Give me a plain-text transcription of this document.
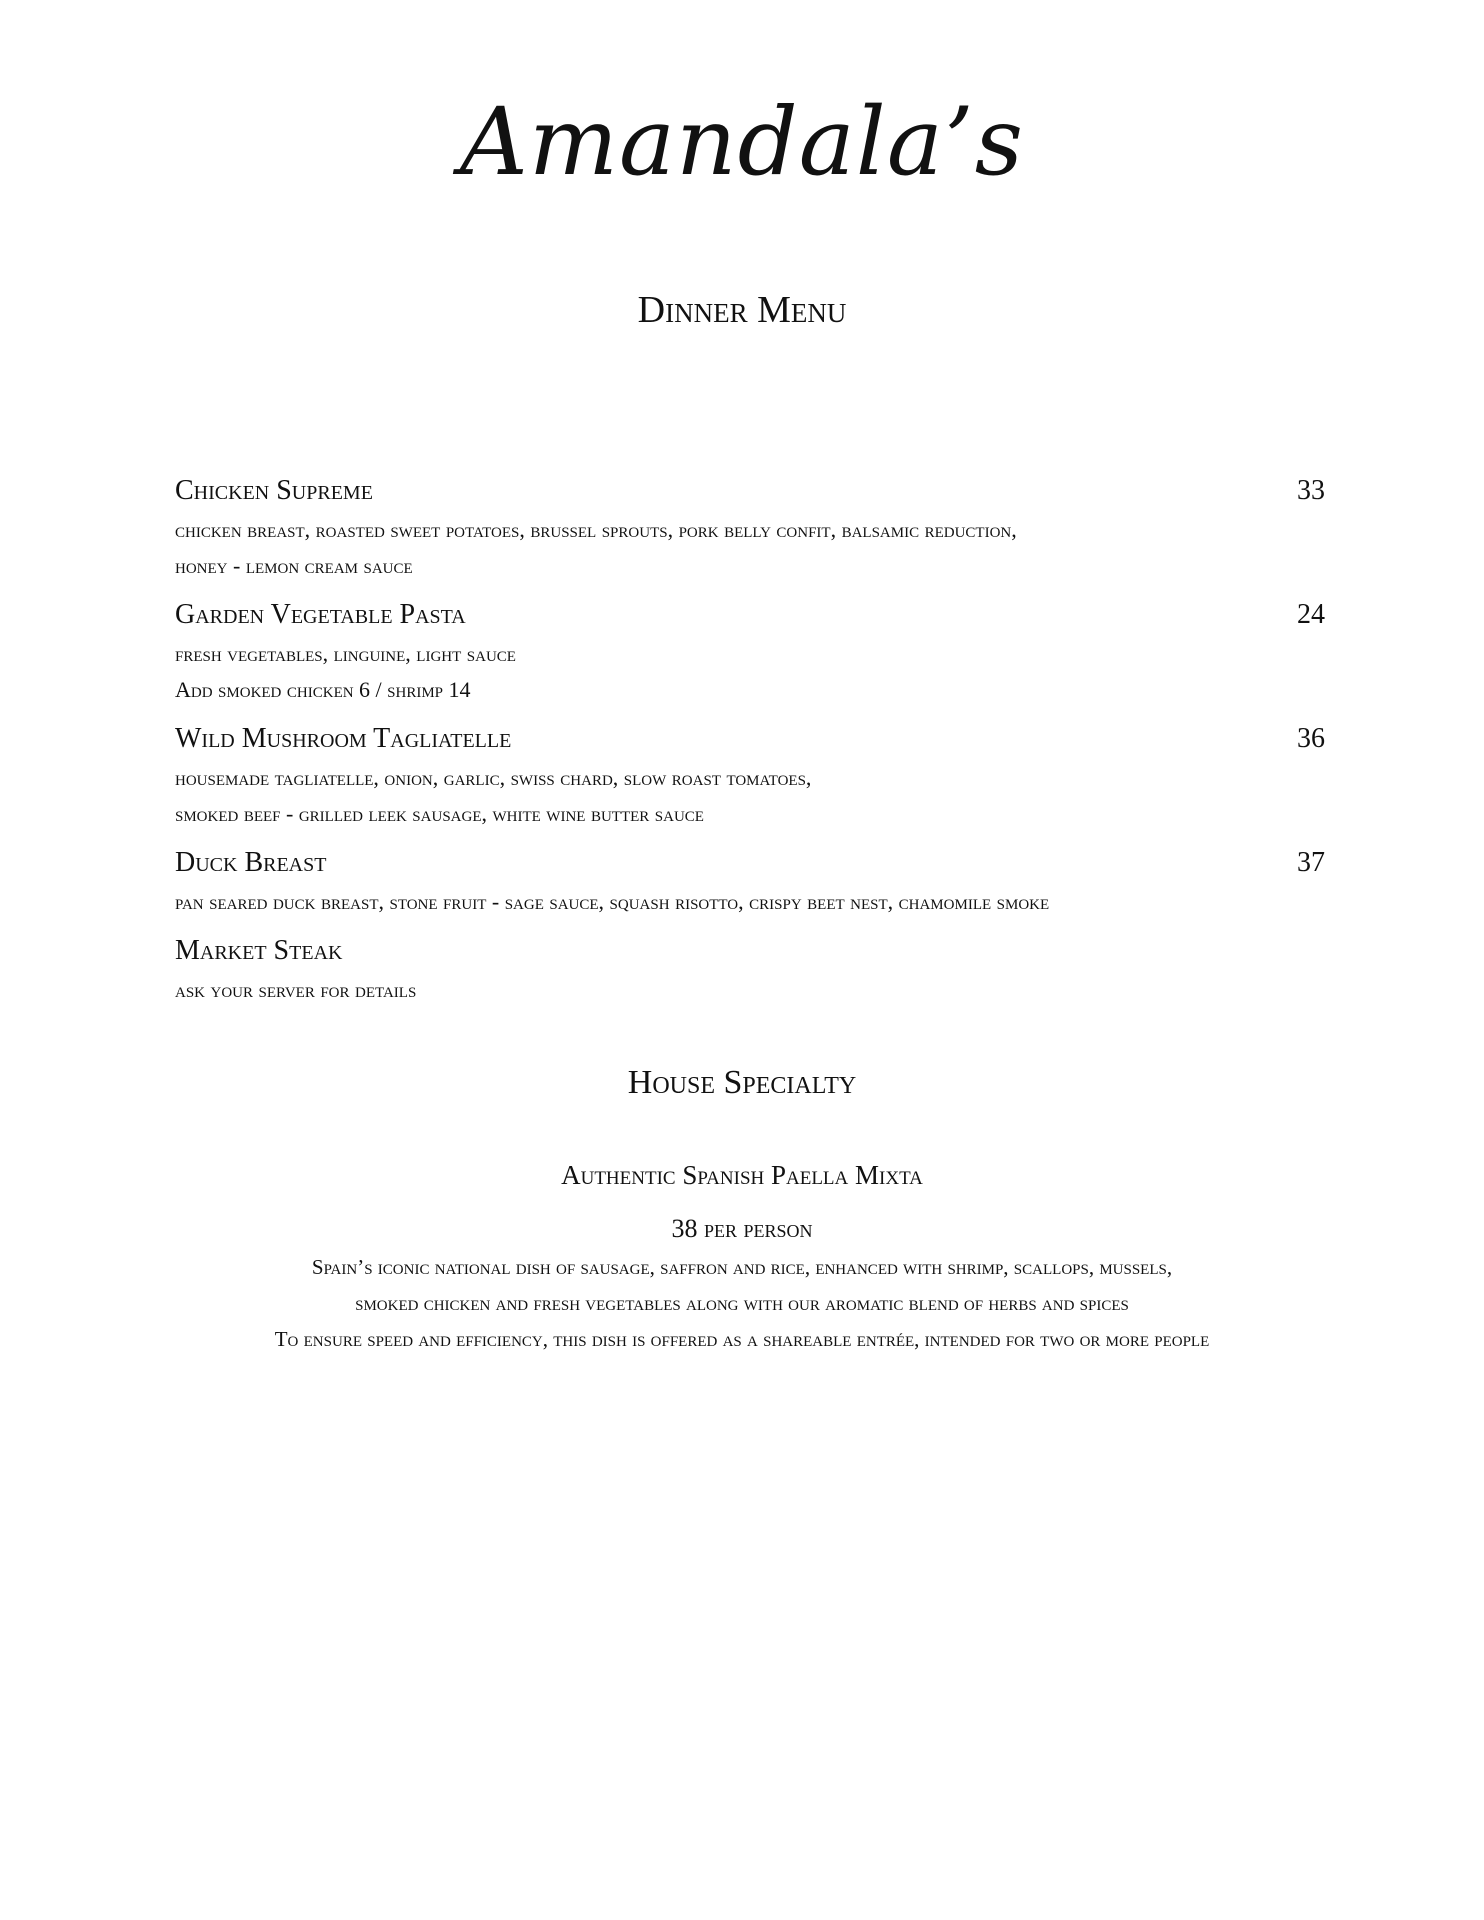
Amandala’s
Dinner Menu
Chicken Supreme	33
chicken breast, roasted sweet potatoes, brussel sprouts, pork belly confit, balsamic reduction,
honey - lemon cream sauce
Garden Vegetable Pasta	24
fresh vegetables, linguine, light sauce
Add smoked chicken 6 / shrimp 14
Wild Mushroom Tagliatelle	36
housemade tagliatelle, onion, garlic, swiss chard, slow roast tomatoes,
smoked beef - grilled leek sausage, white wine butter sauce
Duck Breast	37
pan seared duck breast, stone fruit - sage sauce, squash risotto, crispy beet nest, chamomile smoke
Market Steak
ask your server for details
House Specialty
Authentic Spanish Paella Mixta
38 per person
Spain’s iconic national dish of sausage, saffron and rice, enhanced with shrimp, scallops, mussels,
smoked chicken and fresh vegetables along with our aromatic blend of herbs and spices
To ensure speed and efficiency, this dish is offered as a shareable entrée, intended for two or more people
